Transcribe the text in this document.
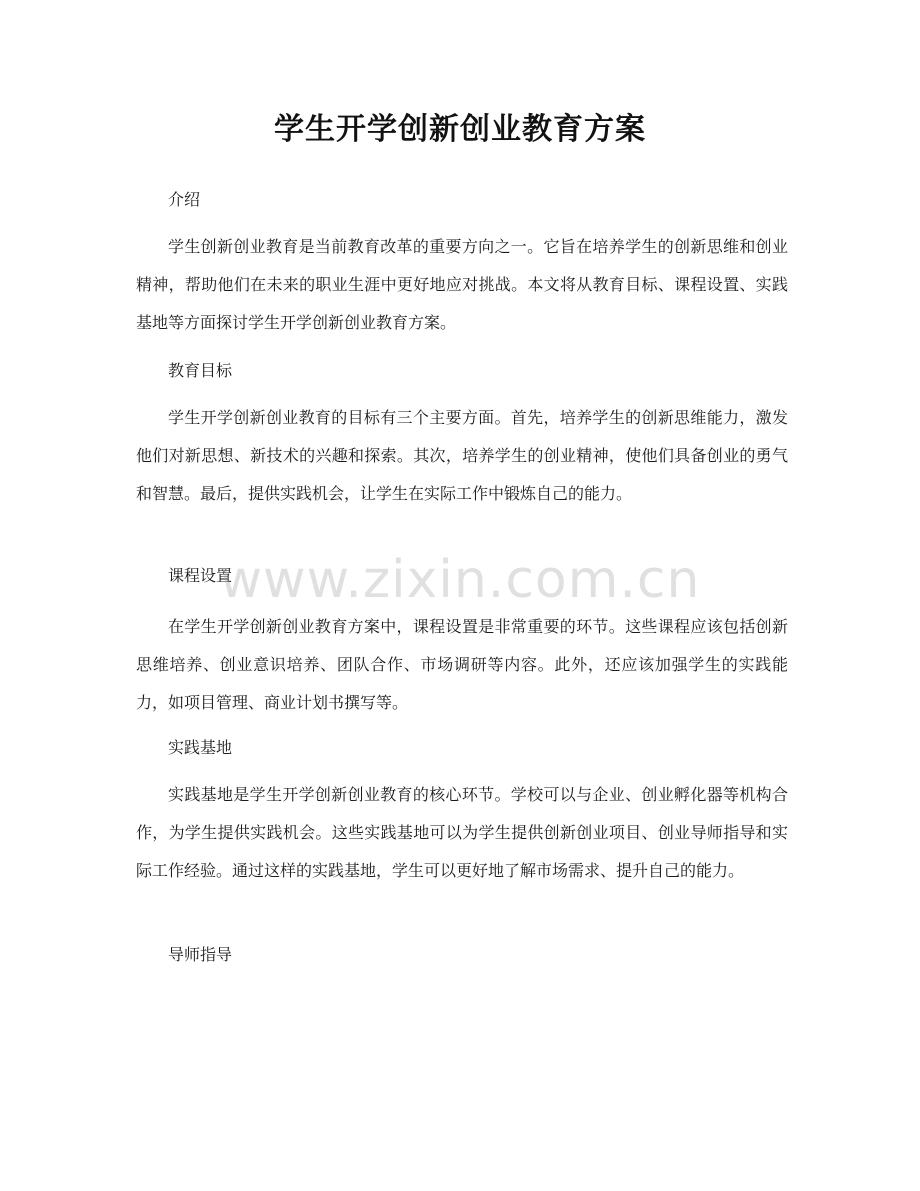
学生开学创新创业教育方案
介绍
学生创新创业教育是当前教育改革的重要方向之一。它旨在培养学生的创新思维和创业精神，帮助他们在未来的职业生涯中更好地应对挑战。本文将从教育目标、课程设置、实践基地等方面探讨学生开学创新创业教育方案。
教育目标
学生开学创新创业教育的目标有三个主要方面。首先，培养学生的创新思维能力，激发他们对新思想、新技术的兴趣和探索。其次，培养学生的创业精神，使他们具备创业的勇气和智慧。最后，提供实践机会，让学生在实际工作中锻炼自己的能力。
课程设置
在学生开学创新创业教育方案中，课程设置是非常重要的环节。这些课程应该包括创新思维培养、创业意识培养、团队合作、市场调研等内容。此外，还应该加强学生的实践能力，如项目管理、商业计划书撰写等。
实践基地
实践基地是学生开学创新创业教育的核心环节。学校可以与企业、创业孵化器等机构合作，为学生提供实践机会。这些实践基地可以为学生提供创新创业项目、创业导师指导和实际工作经验。通过这样的实践基地，学生可以更好地了解市场需求、提升自己的能力。
导师指导
www.zixin.com.cn
